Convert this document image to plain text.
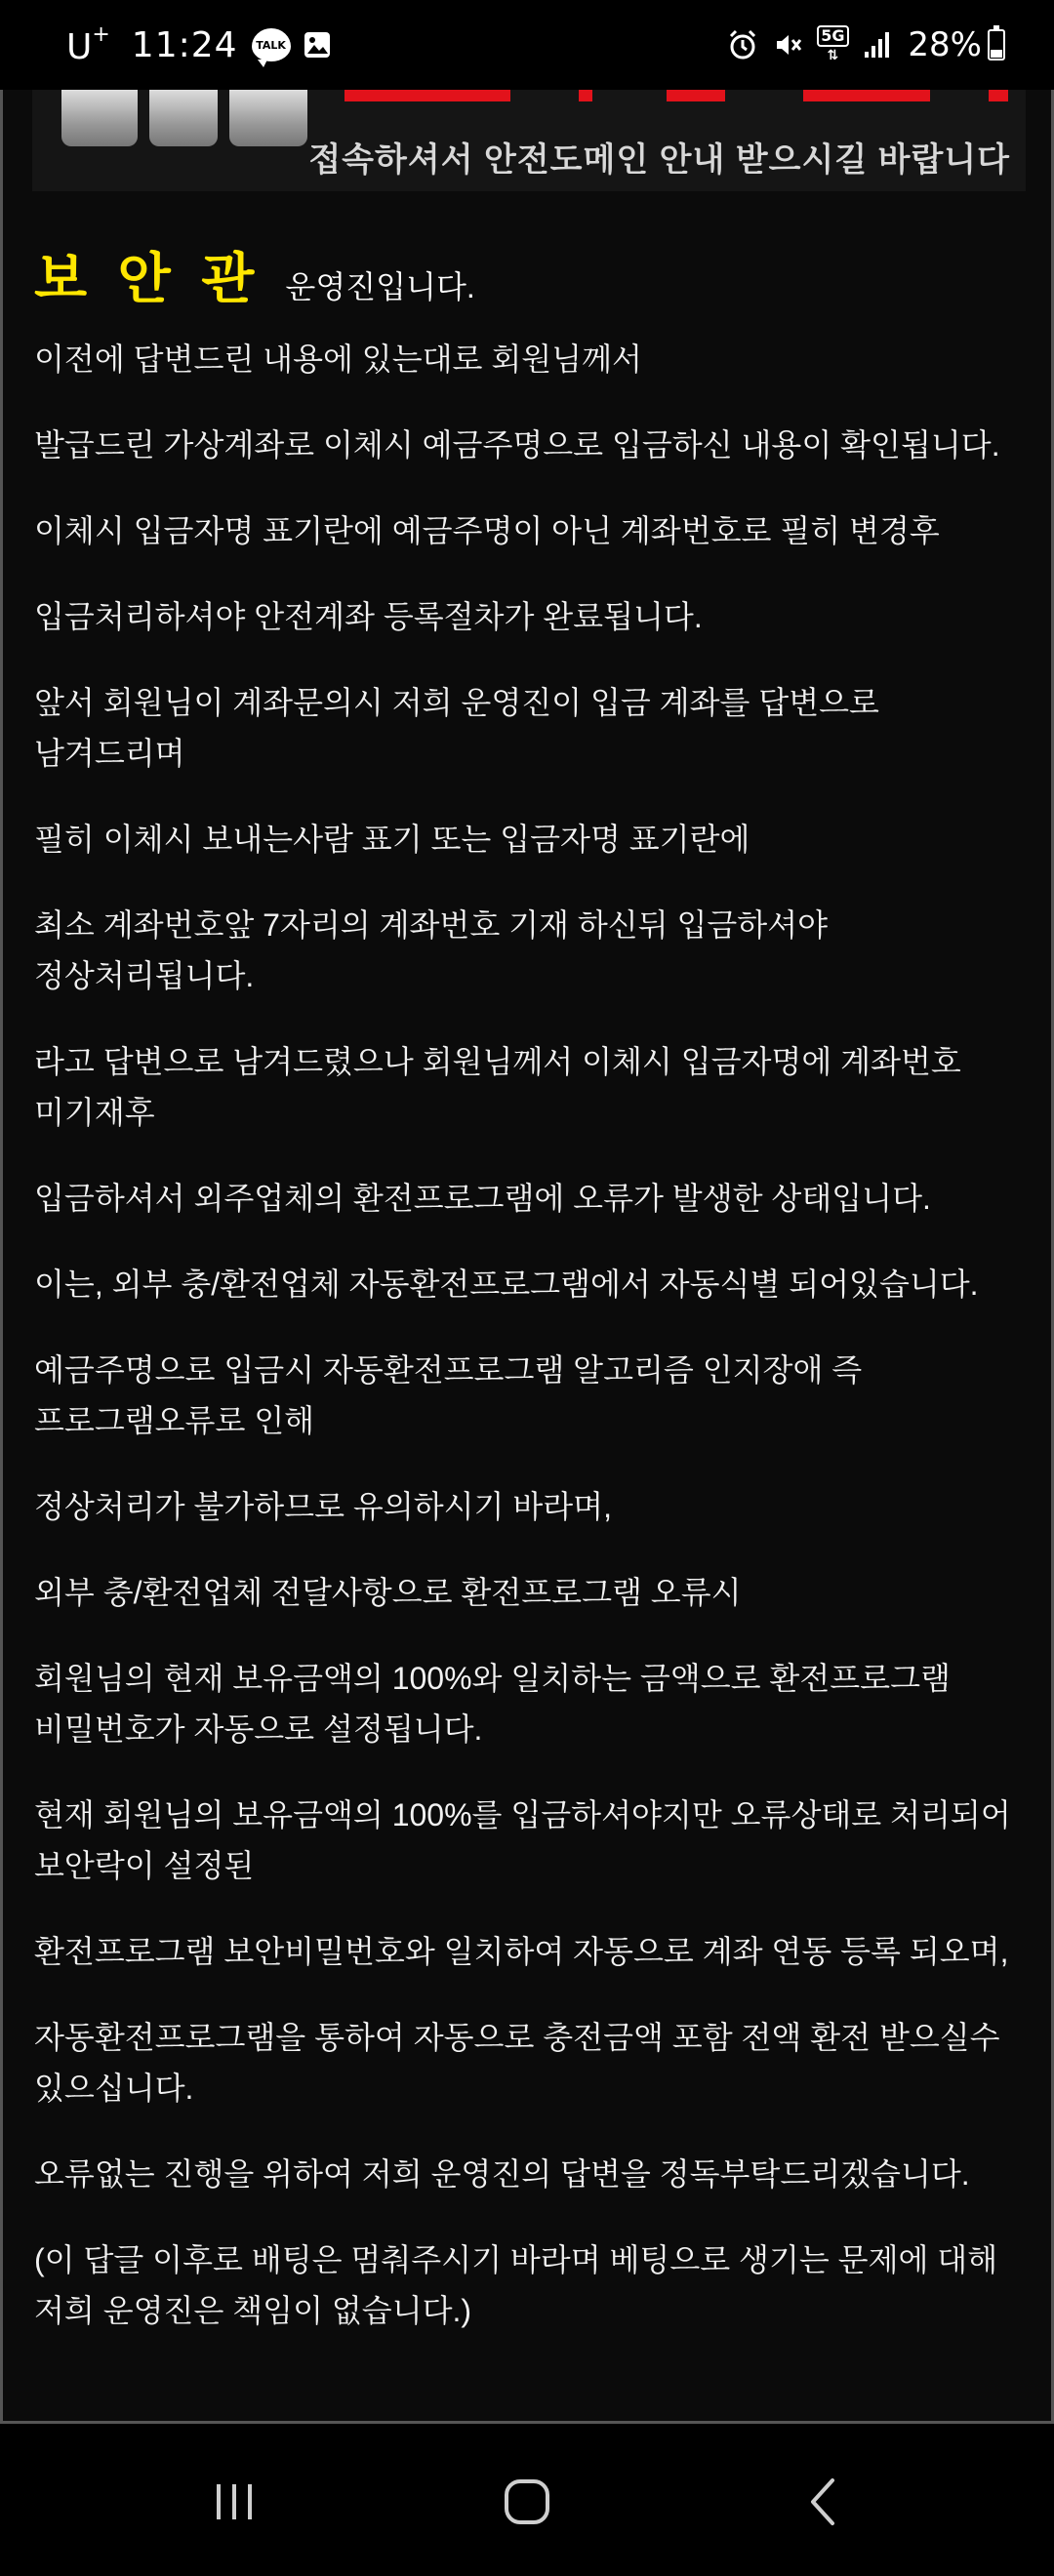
U+ 11:24 TALK	5G
⇅ 28%
접속하셔서 안전도메인 안내 받으시길 바랍니다
보 안 관 운영진입니다.

이전에 답변드린 내용에 있는대로 회원님께서

발급드린 가상계좌로 이체시 예금주명으로 입금하신 내용이 확인됩니다.

이체시 입금자명 표기란에 예금주명이 아닌 계좌번호로 필히 변경후

입금처리하셔야 안전계좌 등록절차가 완료됩니다.

앞서 회원님이 계좌문의시 저희 운영진이 입금 계좌를 답변으로 남겨드리며

필히 이체시 보내는사람 표기 또는 입금자명 표기란에

최소 계좌번호앞 7자리의 계좌번호 기재 하신뒤 입금하셔야 정상처리됩니다.

라고 답변으로 남겨드렸으나 회원님께서 이체시 입금자명에 계좌번호 미기재후

입금하셔서 외주업체의 환전프로그램에 오류가 발생한 상태입니다.

이는, 외부 충/환전업체 자동환전프로그램에서 자동식별 되어있습니다.

예금주명으로 입금시 자동환전프로그램 알고리즘 인지장애 즉 프로그램오류로 인해

정상처리가 불가하므로 유의하시기 바라며,

외부 충/환전업체 전달사항으로 환전프로그램 오류시

회원님의 현재 보유금액의 100%와 일치하는 금액으로 환전프로그램 비밀번호가 자동으로 설정됩니다.

현재 회원님의 보유금액의 100%를 입금하셔야지만 오류상태로 처리되어 보안락이 설정된

환전프로그램 보안비밀번호와 일치하여 자동으로 계좌 연동 등록 되오며,

자동환전프로그램을 통하여 자동으로 충전금액 포함 전액 환전 받으실수 있으십니다.

오류없는 진행을 위하여 저희 운영진의 답변을 정독부탁드리겠습니다.

(이 답글 이후로 배팅은 멈춰주시기 바라며 베팅으로 생기는 문제에 대해 저희 운영진은 책임이 없습니다.)
